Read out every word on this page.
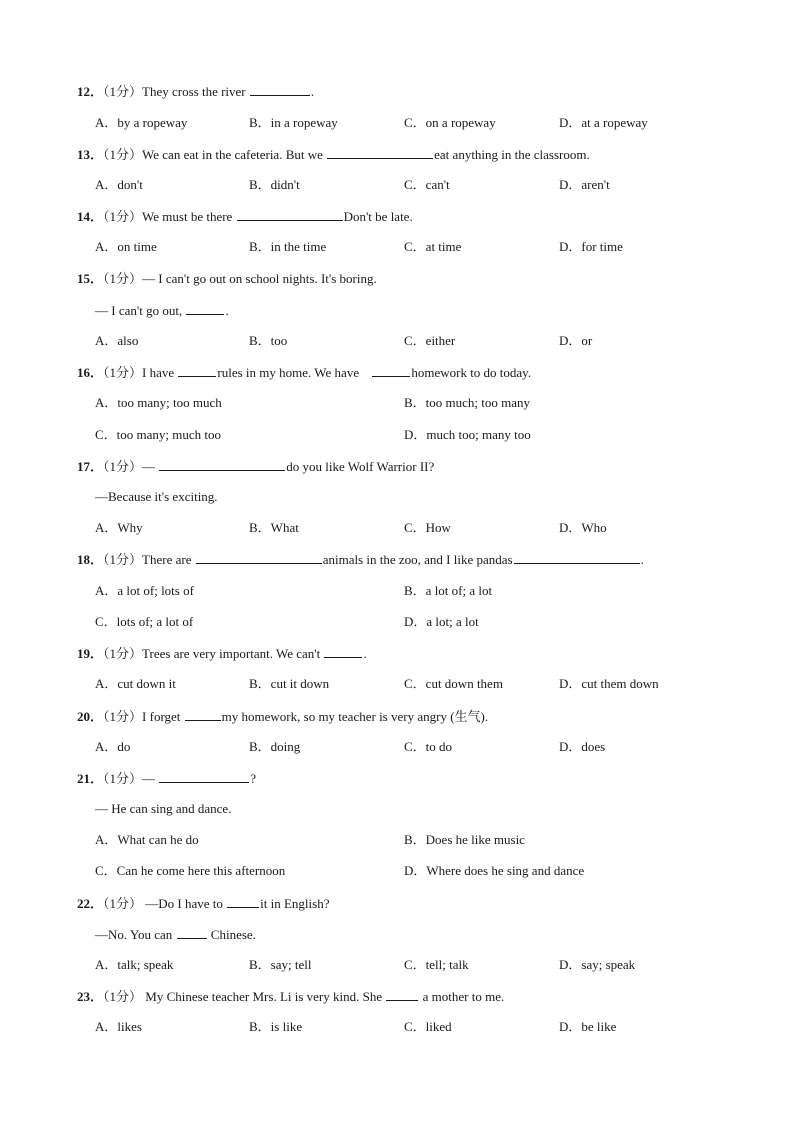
12．（1分）They cross the river	.
A．by a ropeway	B．in a ropeway	C．on a ropeway	D．at a ropeway
13．（1分）We can eat in the cafeteria. But we	eat anything in the classroom.
A．don't	B．didn't	C．can't	D．aren't
14．（1分）We must be there	Don't be late.
A．on time	B．in the time	C．at time	D．for time
15．（1分）— I can't go out on school nights. It's boring.
— I can't go out,	.
A．also	B．too	C．either	D．or
16．（1分）I have	rules in my home. We have	homework to do today.
A．too many; too much	B．too much; too many
C．too many; much too	D．much too; many too
17．（1分）—	do you like Wolf Warrior II?
—Because it's exciting.
A．Why	B．What	C．How	D．Who
18．（1分）There are	animals in the zoo, and I like pandas	.
A．a lot of; lots of	B．a lot of; a lot
C．lots of; a lot of	D．a lot; a lot
19．（1分）Trees are very important. We can't	.
A．cut down it	B．cut it down	C．cut down them	D．cut them down
20．（1分）I forget	my homework, so my teacher is very angry (生气).
A．do	B．doing	C．to do	D．does
21．（1分）—	?
— He can sing and dance.
A．What can he do	B．Does he like music
C．Can he come here this afternoon	D．Where does he sing and dance
22．（1分） —Do I have to	it in English?
—No. You can  Chinese.
A．talk; speak	B．say; tell	C．tell; talk	D．say; speak
23．（1分） My Chinese teacher Mrs. Li is very kind. She	a mother to me.
A．likes	B．is like	C．liked	D．be like
